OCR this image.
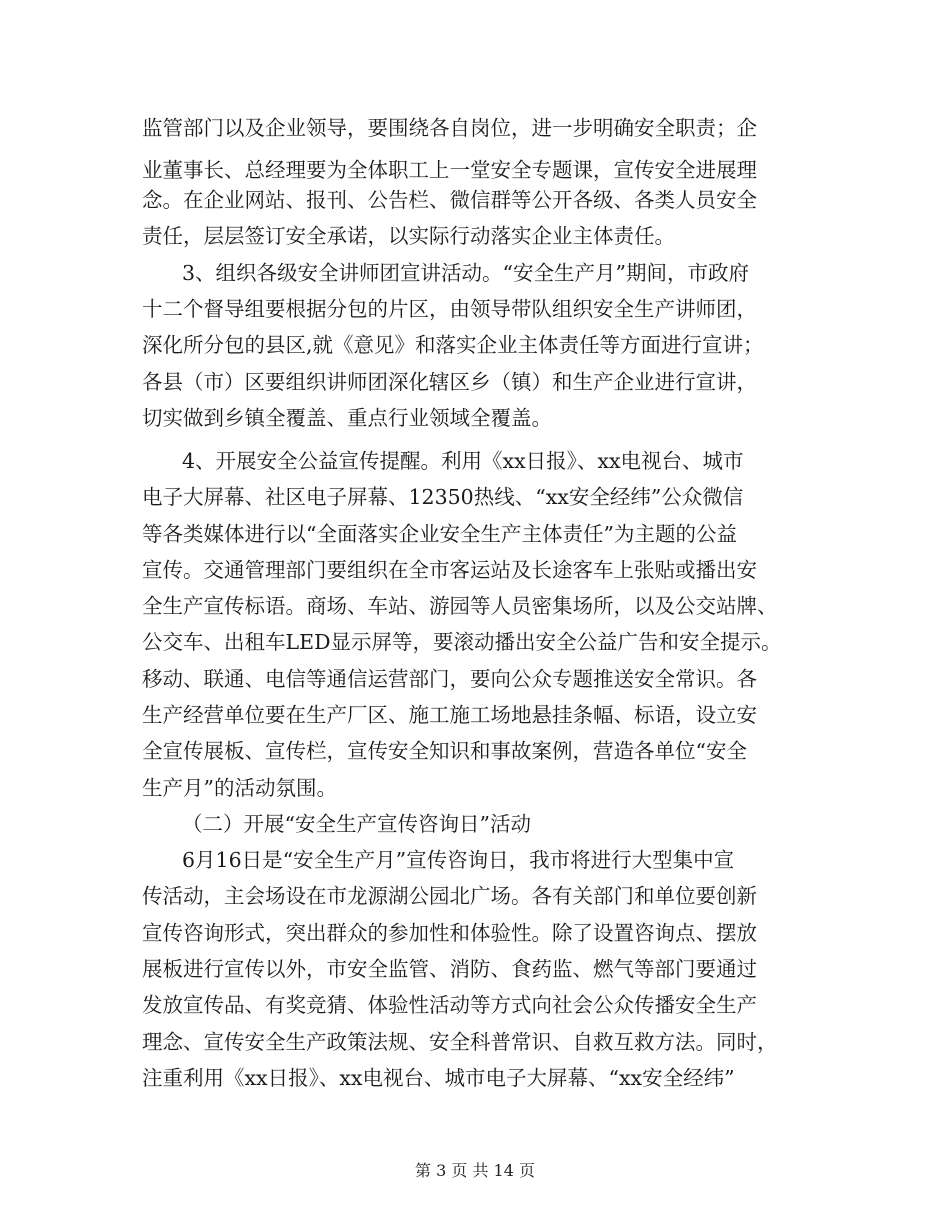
监管部门以及企业领导，要围绕各自岗位，进一步明确安全职责；企
业董事长、总经理要为全体职工上一堂安全专题课，宣传安全进展理
念。在企业网站、报刊、公告栏、微信群等公开各级、各类人员安全
责任，层层签订安全承诺，以实际行动落实企业主体责任。
3、组织各级安全讲师团宣讲活动。“安全生产月”期间，市政府
十二个督导组要根据分包的片区，由领导带队组织安全生产讲师团，
深化所分包的县区,就《意见》和落实企业主体责任等方面进行宣讲；
各县（市）区要组织讲师团深化辖区乡（镇）和生产企业进行宣讲，
切实做到乡镇全覆盖、重点行业领域全覆盖。
4、开展安全公益宣传提醒。利用《xx日报》、xx电视台、城市
电子大屏幕、社区电子屏幕、12350热线、“xx安全经纬”公众微信
等各类媒体进行以“全面落实企业安全生产主体责任”为主题的公益
宣传。交通管理部门要组织在全市客运站及长途客车上张贴或播出安
全生产宣传标语。商场、车站、游园等人员密集场所，以及公交站牌、
公交车、出租车LED显示屏等，要滚动播出安全公益广告和安全提示。
移动、联通、电信等通信运营部门，要向公众专题推送安全常识。各
生产经营单位要在生产厂区、施工施工场地悬挂条幅、标语，设立安
全宣传展板、宣传栏，宣传安全知识和事故案例，营造各单位“安全
生产月”的活动氛围。
（二）开展“安全生产宣传咨询日”活动
6月16日是“安全生产月”宣传咨询日，我市将进行大型集中宣
传活动，主会场设在市龙源湖公园北广场。各有关部门和单位要创新
宣传咨询形式，突出群众的参加性和体验性。除了设置咨询点、摆放
展板进行宣传以外，市安全监管、消防、食药监、燃气等部门要通过
发放宣传品、有奖竞猜、体验性活动等方式向社会公众传播安全生产
理念、宣传安全生产政策法规、安全科普常识、自救互救方法。同时，
注重利用《xx日报》、xx电视台、城市电子大屏幕、“xx安全经纬”
第 3 页 共 14 页
